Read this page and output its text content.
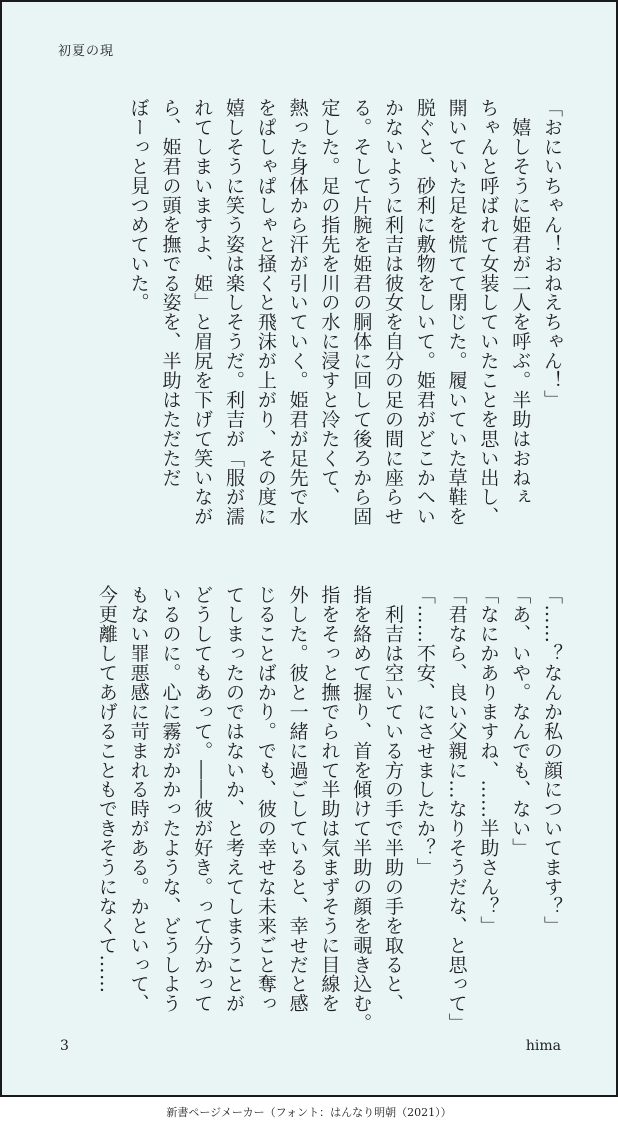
初夏の現

「おにいちゃん！おねえちゃん！」

　嬉しそうに姫君が二人を呼ぶ。半助はおねぇ

ちゃんと呼ばれて女装していたことを思い出し、

開いていた足を慌てて閉じた。履いていた草鞋を

脱ぐと、砂利に敷物をしいて。姫君がどこかへい

かないように利吉は彼女を自分の足の間に座らせ

る。そして片腕を姫君の胴体に回して後ろから固

定した。足の指先を川の水に浸すと冷たくて、

熱った身体から汗が引いていく。姫君が足先で水

をぱしゃぱしゃと掻くと飛沫が上がり、その度に

嬉しそうに笑う姿は楽しそうだ。利吉が「服が濡

れてしまいますよ、姫」と眉尻を下げて笑いなが

ら、姫君の頭を撫でる姿を、半助はただただ

ぼーっと見つめていた。

「……？なんか私の顔についてます？」

「あ、いや。なんでも、ない」

「なにかありますね、……半助さん？」

「君なら、良い父親に…なりそうだな、と思って」

「……不安、にさせましたか？」

　利吉は空いている方の手で半助の手を取ると、

指を絡めて握り、首を傾けて半助の顔を覗き込む。

指をそっと撫でられて半助は気まずそうに目線を

外した。彼と一緒に過ごしていると、幸せだと感

じることばかり。でも、彼の幸せな未来ごと奪っ

てしまったのではないか、と考えてしまうことが

どうしてもあって。――彼が好き。って分かって

いるのに。心に霧がかかったような、どうしよう

もない罪悪感に苛まれる時がある。かといって、

今更離してあげることもできそうになくて……

3	hima
新書ページメーカー（フォント：はんなり明朝（2021））
